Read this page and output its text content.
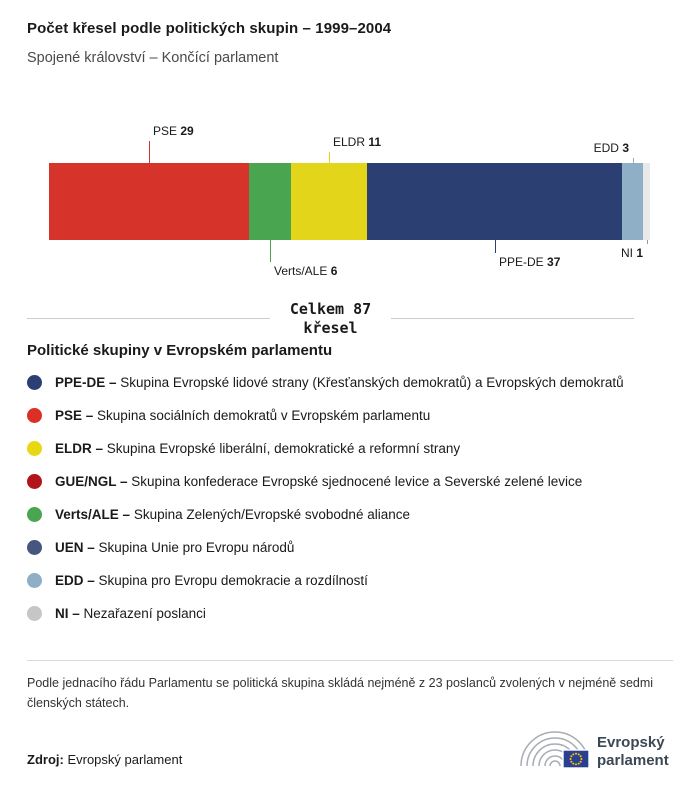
Počet křesel podle politických skupin – 1999–2004
Spojené království – Končící parlament
PSE 29
Verts/ALE 6
ELDR 11
PPE-DE 37
EDD 3
NI 1
Celkem 87
křesel
Politické skupiny v Evropském parlamentu
PPE-DE – Skupina Evropské lidové strany (Křesťanských demokratů) a Evropských demokratů
PSE – Skupina sociálních demokratů v Evropském parlamentu
ELDR – Skupina Evropské liberální, demokratické a reformní strany
GUE/NGL – Skupina konfederace Evropské sjednocené levice a Severské zelené levice
Verts/ALE – Skupina Zelených/Evropské svobodné aliance
UEN – Skupina Unie pro Evropu národů
EDD – Skupina pro Evropu demokracie a rozdílností
NI – Nezařazení poslanci
Podle jednacího řádu Parlamentu se politická skupina skládá nejméně z 23 poslanců zvolených v nejméně sedmi členských státech.
Zdroj: Evropský parlament
Evropský
parlament
